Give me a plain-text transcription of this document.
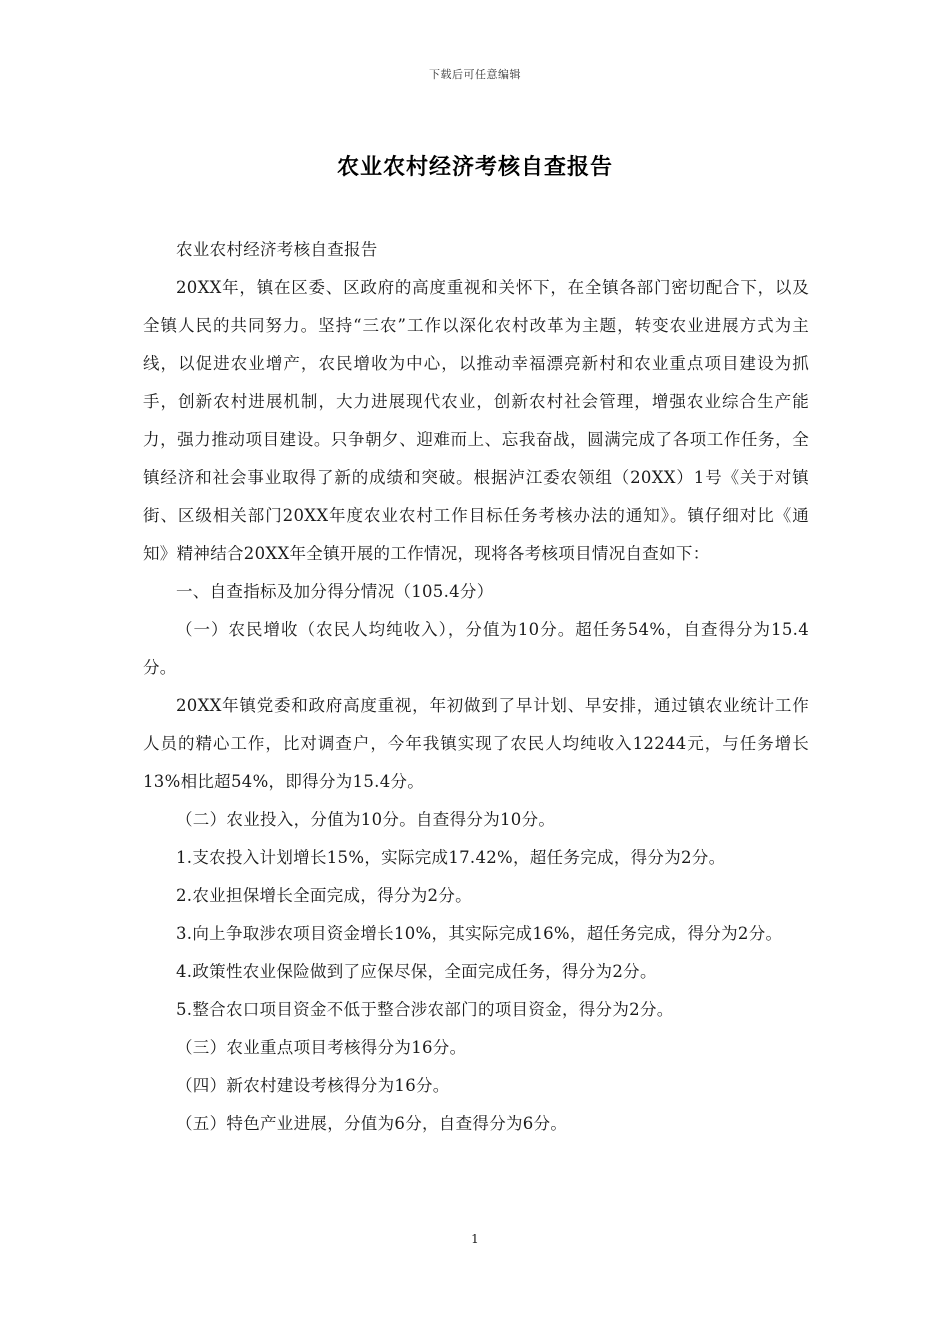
下载后可任意编辑
农业农村经济考核自查报告

农业农村经济考核自查报告

20XX年，镇在区委、区政府的高度重视和关怀下，在全镇各部门密切配合下，以及全镇人民的共同努力。坚持“三农”工作以深化农村改革为主题，转变农业进展方式为主线，以促进农业增产，农民增收为中心，以推动幸福漂亮新村和农业重点项目建设为抓手，创新农村进展机制，大力进展现代农业，创新农村社会管理，增强农业综合生产能力，强力推动项目建设。只争朝夕、迎难而上、忘我奋战，圆满完成了各项工作任务，全镇经济和社会事业取得了新的成绩和突破。根据泸江委农领组（20XX）1号《关于对镇街、区级相关部门20XX年度农业农村工作目标任务考核办法的通知》。镇仔细对比《通知》精神结合20XX年全镇开展的工作情况，现将各考核项目情况自查如下：

一、自查指标及加分得分情况（105.4分）

（一）农民增收（农民人均纯收入），分值为10分。超任务54%，自查得分为15.4分。

20XX年镇党委和政府高度重视，年初做到了早计划、早安排，通过镇农业统计工作人员的精心工作，比对调查户，今年我镇实现了农民人均纯收入12244元，与任务增长13%相比超54%，即得分为15.4分。

（二）农业投入，分值为10分。自查得分为10分。

1.支农投入计划增长15%，实际完成17.42%，超任务完成，得分为2分。

2.农业担保增长全面完成，得分为2分。

3.向上争取涉农项目资金增长10%，其实际完成16%，超任务完成，得分为2分。

4.政策性农业保险做到了应保尽保，全面完成任务，得分为2分。

5.整合农口项目资金不低于整合涉农部门的项目资金，得分为2分。

（三）农业重点项目考核得分为16分。

（四）新农村建设考核得分为16分。

（五）特色产业进展，分值为6分，自查得分为6分。

1
